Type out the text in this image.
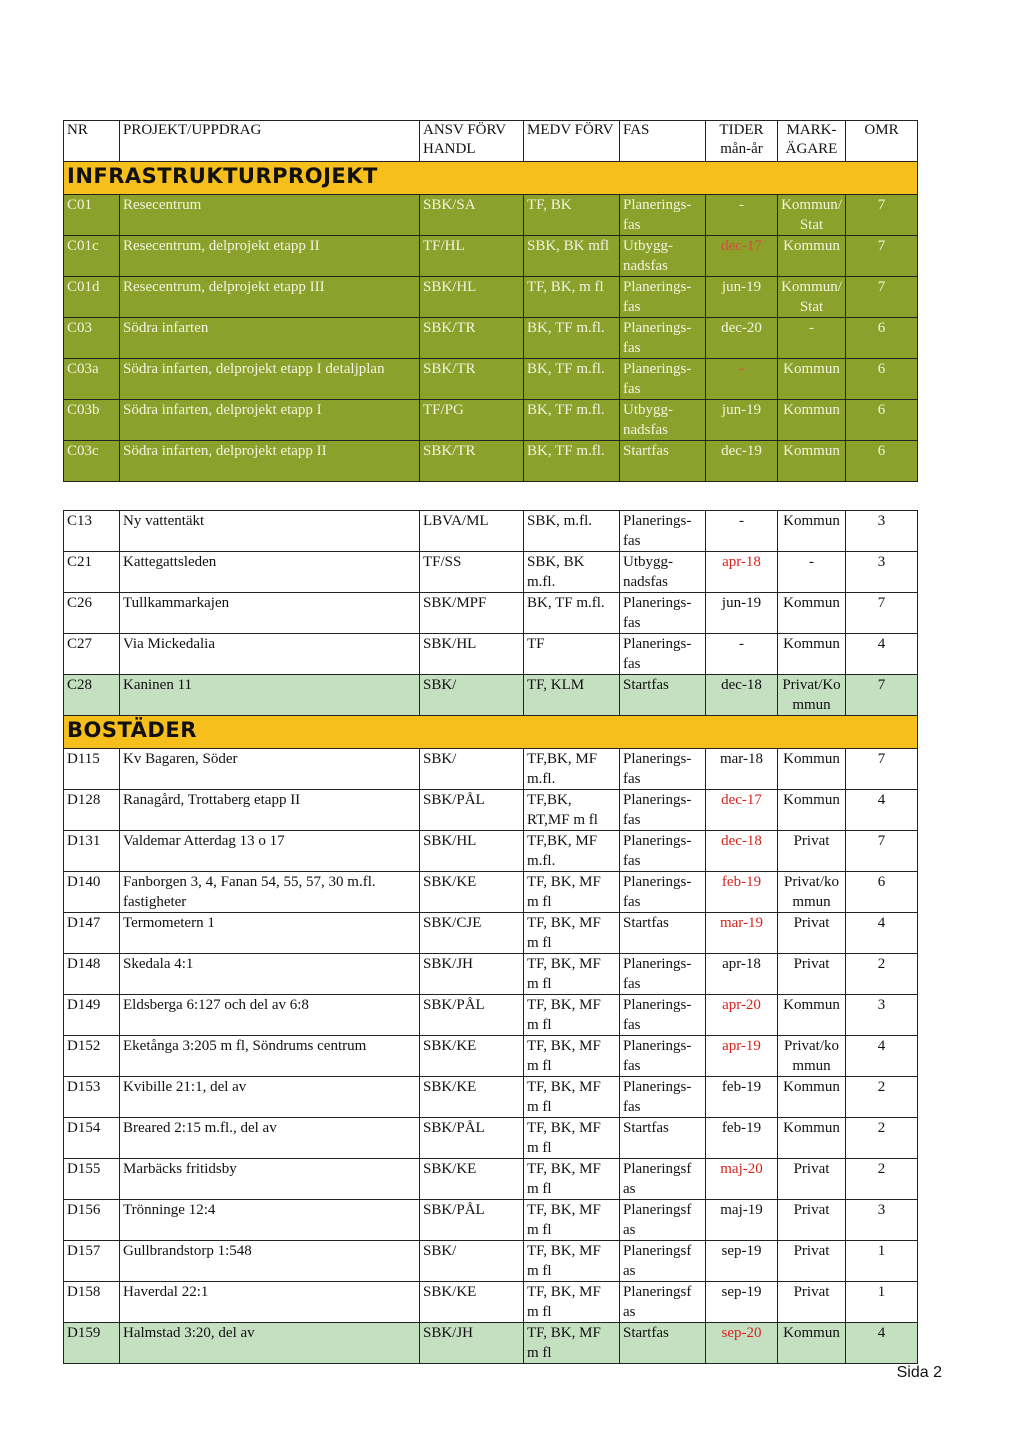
NR	PROJEKT/UPPDRAG	ANSV FÖRV HANDL	MEDV FÖRV	FAS	TIDER mån-år	MARK-ÄGARE	OMR
INFRASTRUKTURPROJEKT							
C01	Resecentrum	SBK/SA	TF, BK	Planerings-fas	-	Kommun/ Stat	7
C01c	Resecentrum, delprojekt etapp II	TF/HL	SBK, BK mfl	Utbygg-nadsfas	dec-17	Kommun	7
C01d	Resecentrum, delprojekt etapp III	SBK/HL	TF, BK, m fl	Planerings-fas	jun-19	Kommun/ Stat	7
C03	Södra infarten	SBK/TR	BK, TF m.fl.	Planerings-fas	dec-20	-	6
C03a	Södra infarten, delprojekt etapp I detaljplan	SBK/TR	BK, TF m.fl.	Planerings-fas	-	Kommun	6
C03b	Södra infarten, delprojekt etapp I	TF/PG	BK, TF m.fl.	Utbygg-nadsfas	jun-19	Kommun	6
C03c	Södra infarten, delprojekt etapp II	SBK/TR	BK, TF m.fl.	Startfas	dec-19	Kommun	6

C13	Ny vattentäkt	LBVA/ML	SBK, m.fl.	Planerings-fas	-	Kommun	3
C21	Kattegattsleden	TF/SS	SBK, BK m.fl.	Utbygg-nadsfas	apr-18	-	3
C26	Tullkammarkajen	SBK/MPF	BK, TF m.fl.	Planerings-fas	jun-19	Kommun	7
C27	Via Mickedalia	SBK/HL	TF	Planerings-fas	-	Kommun	4
C28	Kaninen 11	SBK/	TF, KLM	Startfas	dec-18	Privat/Ko mmun	7
BOSTÄDER							
D115	Kv Bagaren, Söder	SBK/	TF,BK, MF m.fl.	Planerings-fas	mar-18	Kommun	7
D128	Ranagård, Trottaberg etapp II	SBK/PÅL	TF,BK, RT,MF m fl	Planerings-fas	dec-17	Kommun	4
D131	Valdemar Atterdag 13 o 17	SBK/HL	TF,BK, MF m.fl.	Planerings-fas	dec-18	Privat	7
D140	Fanborgen 3, 4, Fanan 54, 55, 57, 30 m.fl. fastigheter	SBK/KE	TF, BK, MF m fl	Planerings-fas	feb-19	Privat/ko mmun	6
D147	Termometern 1	SBK/CJE	TF, BK, MF m fl	Startfas	mar-19	Privat	4
D148	Skedala 4:1	SBK/JH	TF, BK, MF m fl	Planerings-fas	apr-18	Privat	2
D149	Eldsberga 6:127 och del av 6:8	SBK/PÅL	TF, BK, MF m fl	Planerings-fas	apr-20	Kommun	3
D152	Eketånga 3:205 m fl, Söndrums centrum	SBK/KE	TF, BK, MF m fl	Planerings-fas	apr-19	Privat/ko mmun	4
D153	Kvibille 21:1, del av	SBK/KE	TF, BK, MF m fl	Planerings-fas	feb-19	Kommun	2
D154	Breared 2:15 m.fl., del av	SBK/PÅL	TF, BK, MF m fl	Startfas	feb-19	Kommun	2
D155	Marbäcks fritidsby	SBK/KE	TF, BK, MF m fl	Planeringsf as	maj-20	Privat	2
D156	Trönninge 12:4	SBK/PÅL	TF, BK, MF m fl	Planeringsf as	maj-19	Privat	3
D157	Gullbrandstorp 1:548	SBK/	TF, BK, MF m fl	Planeringsf as	sep-19	Privat	1
D158	Haverdal 22:1	SBK/KE	TF, BK, MF m fl	Planeringsf as	sep-19	Privat	1
D159	Halmstad 3:20, del av	SBK/JH	TF, BK, MF m fl	Startfas	sep-20	Kommun	4
Sida 2
